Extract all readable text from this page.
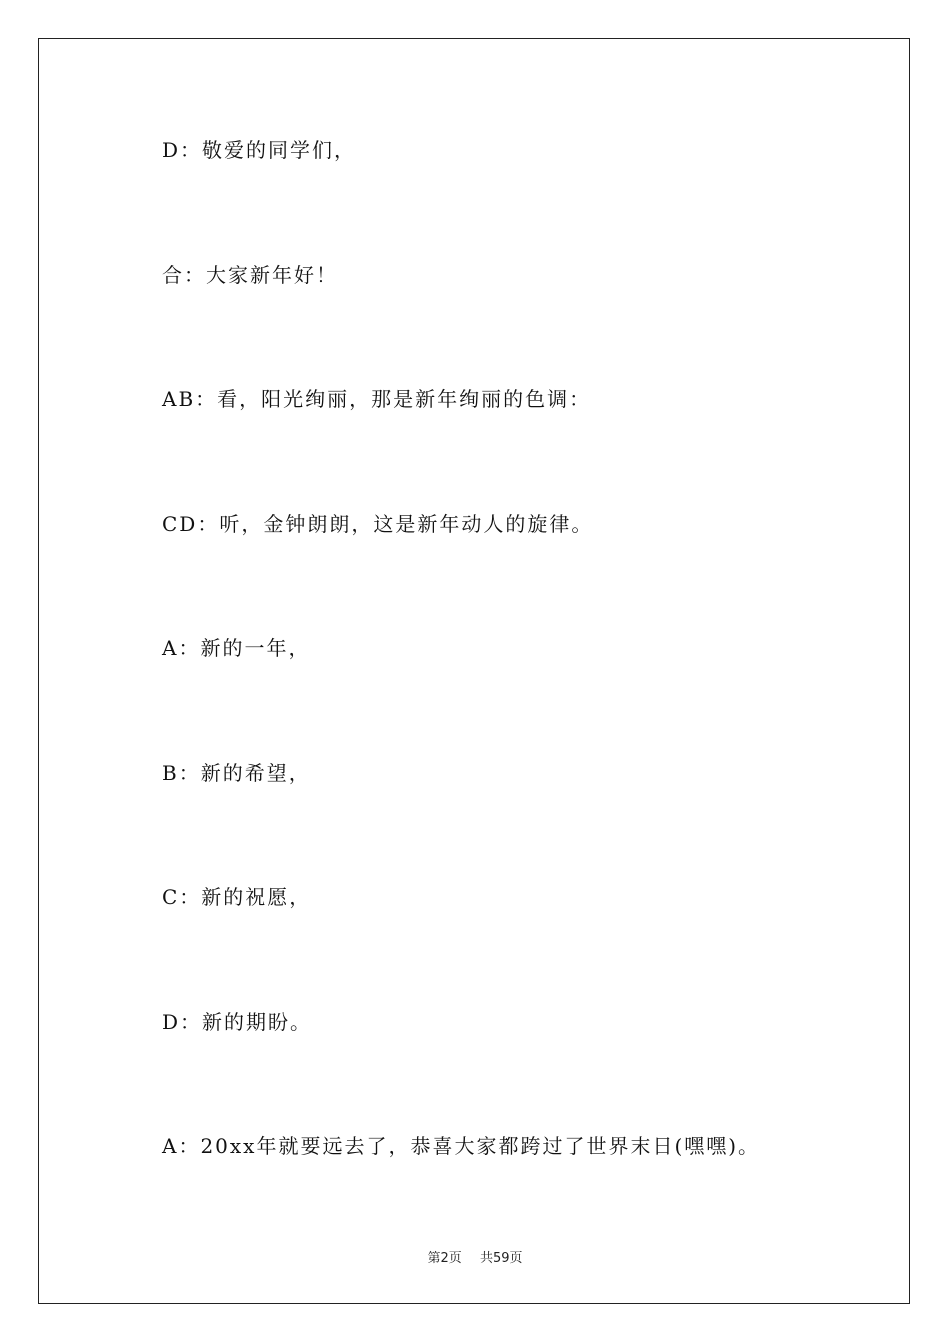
D：敬爱的同学们，
合：大家新年好！
AB：看，阳光绚丽，那是新年绚丽的色调：
CD：听，金钟朗朗，这是新年动人的旋律。
A：新的一年，
B：新的希望，
C：新的祝愿，
D：新的期盼。
A：20xx年就要远去了，恭喜大家都跨过了世界末日(嘿嘿)。
第2页 共59页
